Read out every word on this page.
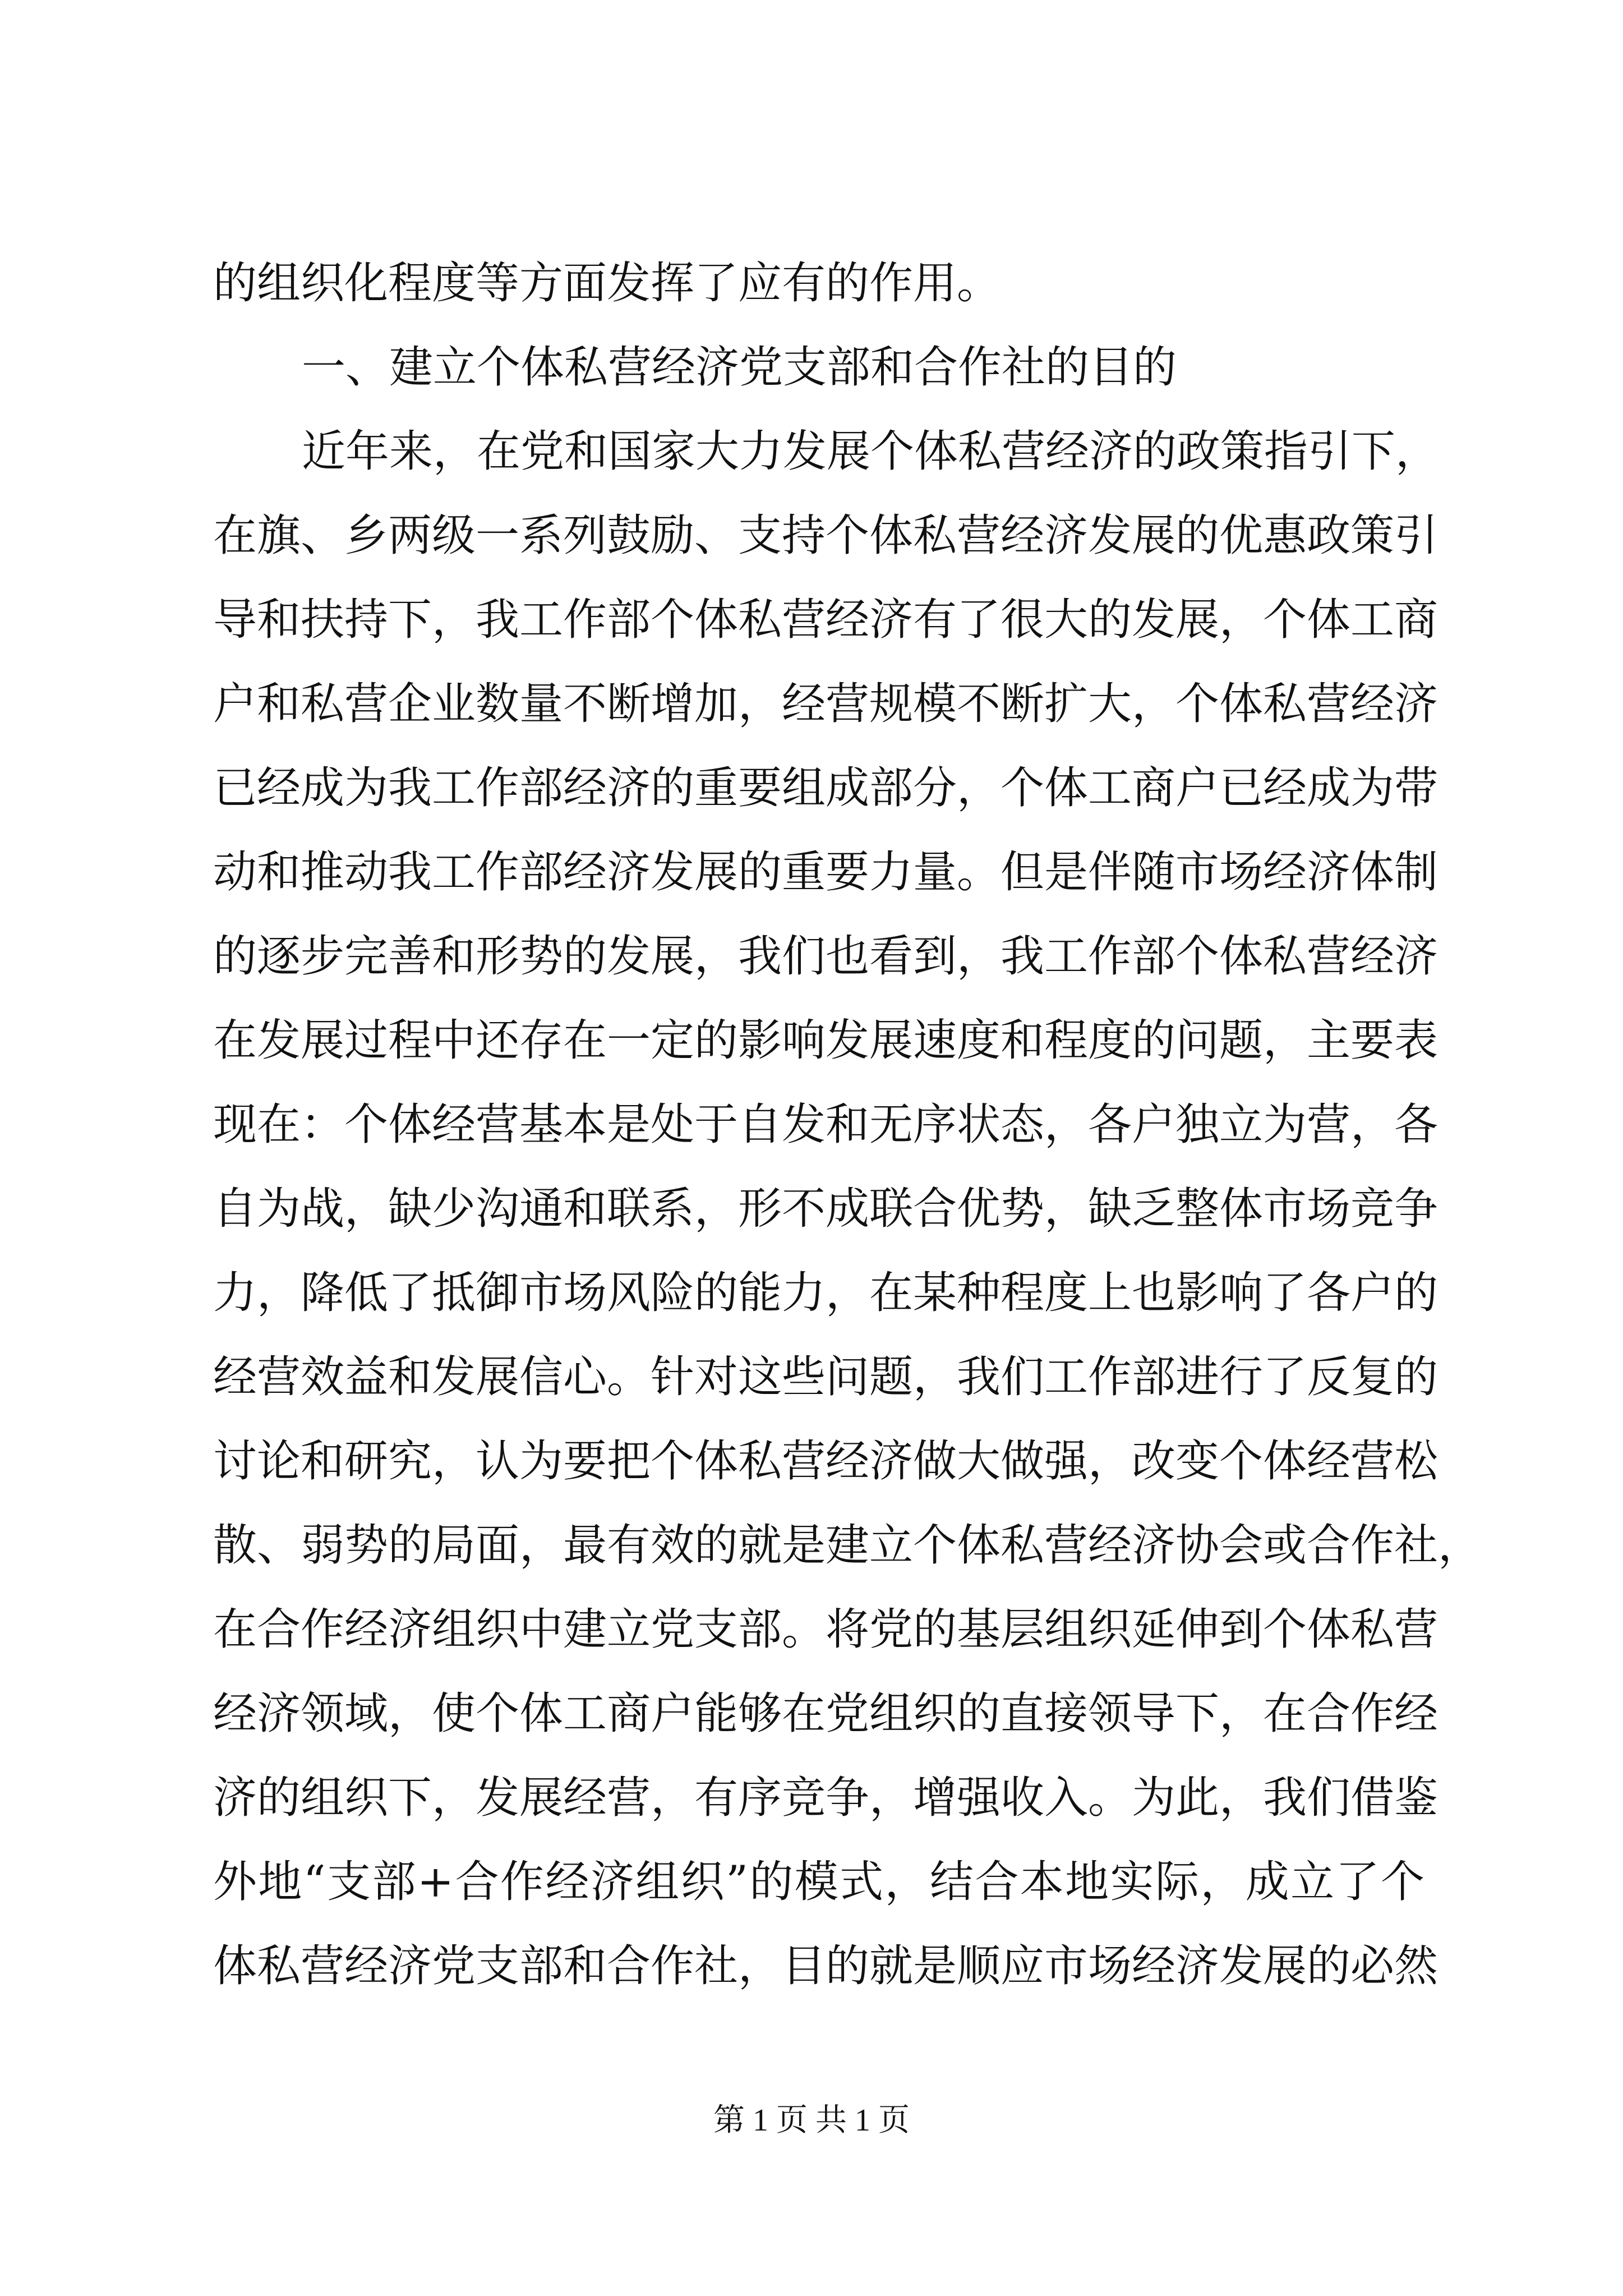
的组织化程度等方面发挥了应有的作用。
一、建立个体私营经济党支部和合作社的目的
近年来，在党和国家大力发展个体私营经济的政策指引下，
在旗、乡两级一系列鼓励、支持个体私营经济发展的优惠政策引
导和扶持下，我工作部个体私营经济有了很大的发展，个体工商
户和私营企业数量不断增加，经营规模不断扩大，个体私营经济
已经成为我工作部经济的重要组成部分，个体工商户已经成为带
动和推动我工作部经济发展的重要力量。但是伴随市场经济体制
的逐步完善和形势的发展，我们也看到，我工作部个体私营经济
在发展过程中还存在一定的影响发展速度和程度的问题，主要表
现在：个体经营基本是处于自发和无序状态，各户独立为营，各
自为战，缺少沟通和联系，形不成联合优势，缺乏整体市场竞争
力，降低了抵御市场风险的能力，在某种程度上也影响了各户的
经营效益和发展信心。针对这些问题，我们工作部进行了反复的
讨论和研究，认为要把个体私营经济做大做强，改变个体经营松
散、弱势的局面，最有效的就是建立个体私营经济协会或合作社，
在合作经济组织中建立党支部。将党的基层组织延伸到个体私营
经济领域，使个体工商户能够在党组织的直接领导下，在合作经
济的组织下，发展经营，有序竞争，增强收入。为此，我们借鉴
外地“支部+合作经济组织”的模式，结合本地实际，成立了个
体私营经济党支部和合作社，目的就是顺应市场经济发展的必然
第 1 页 共 1 页
